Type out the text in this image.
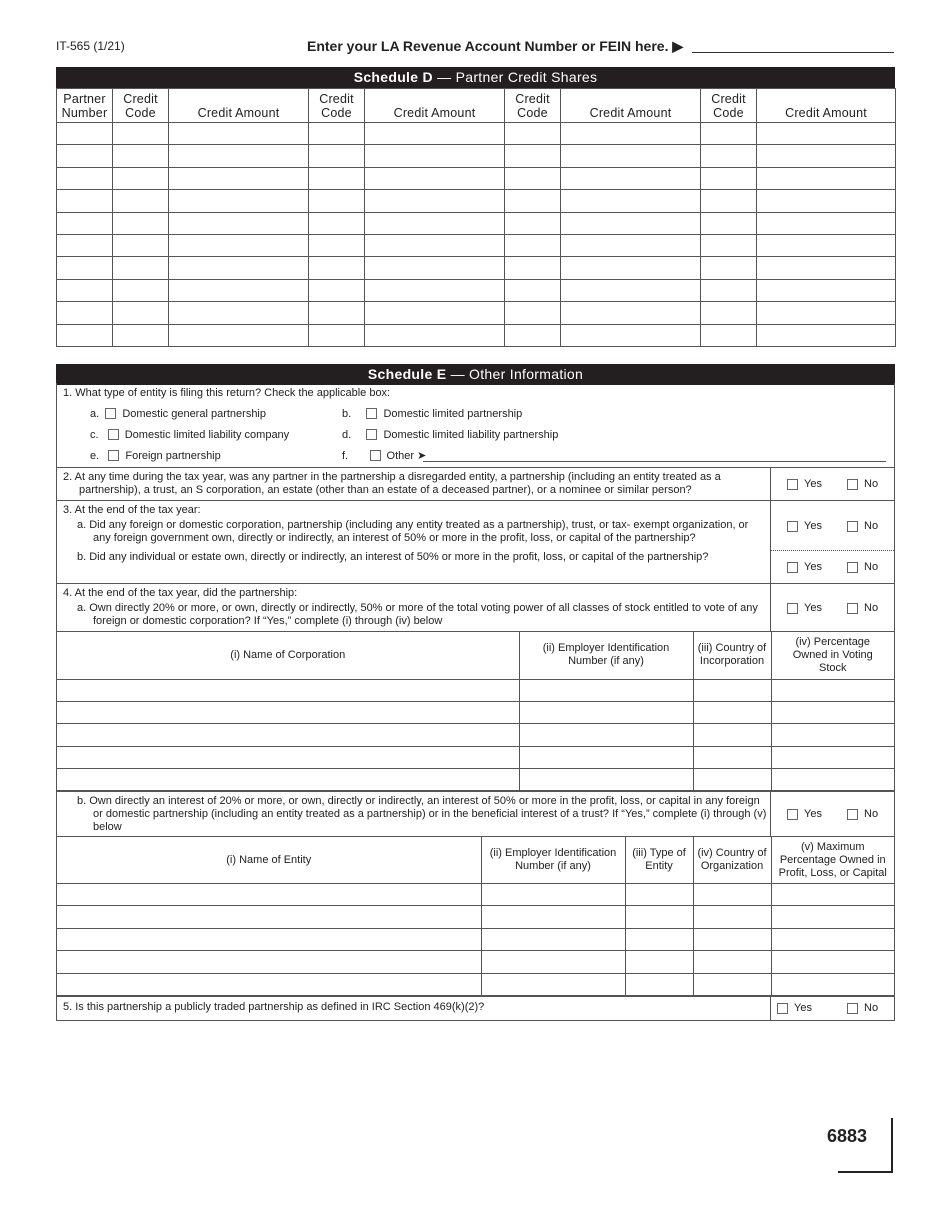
IT-565 (1/21)	Enter your LA Revenue Account Number or FEIN here. ▶
Schedule D — Partner Credit Shares
Partner Number	Credit Code	Credit Amount	Credit Code	Credit Amount	Credit Code	Credit Amount	Credit Code	Credit Amount

Schedule E — Other Information
1. What type of entity is filing this return? Check the applicable box:
a. Domestic general partnership	b.	Domestic limited partnership
c. Domestic limited liability company	d.	Domestic limited liability partnership
e. Foreign partnership	f.	Other ➤
2. At any time during the tax year, was any partner in the partnership a disregarded entity, a partnership (including an entity treated as a partnership), a trust, an S corporation, an estate (other than an estate of a deceased partner), or a nominee or similar person?	Yes	No
3. At the end of the tax year:
a. Did any foreign or domestic corporation, partnership (including any entity treated as a partnership), trust, or tax- exempt organization, or any foreign government own, directly or indirectly, an interest of 50% or more in the profit, loss, or capital of the partnership?
b. Did any individual or estate own, directly or indirectly, an interest of 50% or more in the profit, loss, or capital of the partnership?
Yes	No
Yes	No
4. At the end of the tax year, did the partnership:
a. Own directly 20% or more, or own, directly or indirectly, 50% or more of the total voting power of all classes of stock entitled to vote of any foreign or domestic corporation? If “Yes,” complete (i) through (iv) below
Yes	No
(i) Name of Corporation	(ii) Employer Identification Number (if any)	(iii) Country of Incorporation	(iv) Percentage Owned in Voting Stock

b. Own directly an interest of 20% or more, or own, directly or indirectly, an interest of 50% or more in the profit, loss, or capital in any foreign or domestic partnership (including an entity treated as a partnership) or in the beneficial interest of a trust? If “Yes,” complete (i) through (v) below
Yes	No
(i) Name of Entity	(ii) Employer Identification Number (if any)	(iii) Type of Entity	(iv) Country of Organization	(v) Maximum Percentage Owned in Profit, Loss, or Capital

5. Is this partnership a publicly traded partnership as defined in IRC Section 469(k)(2)?	Yes	No
6883
